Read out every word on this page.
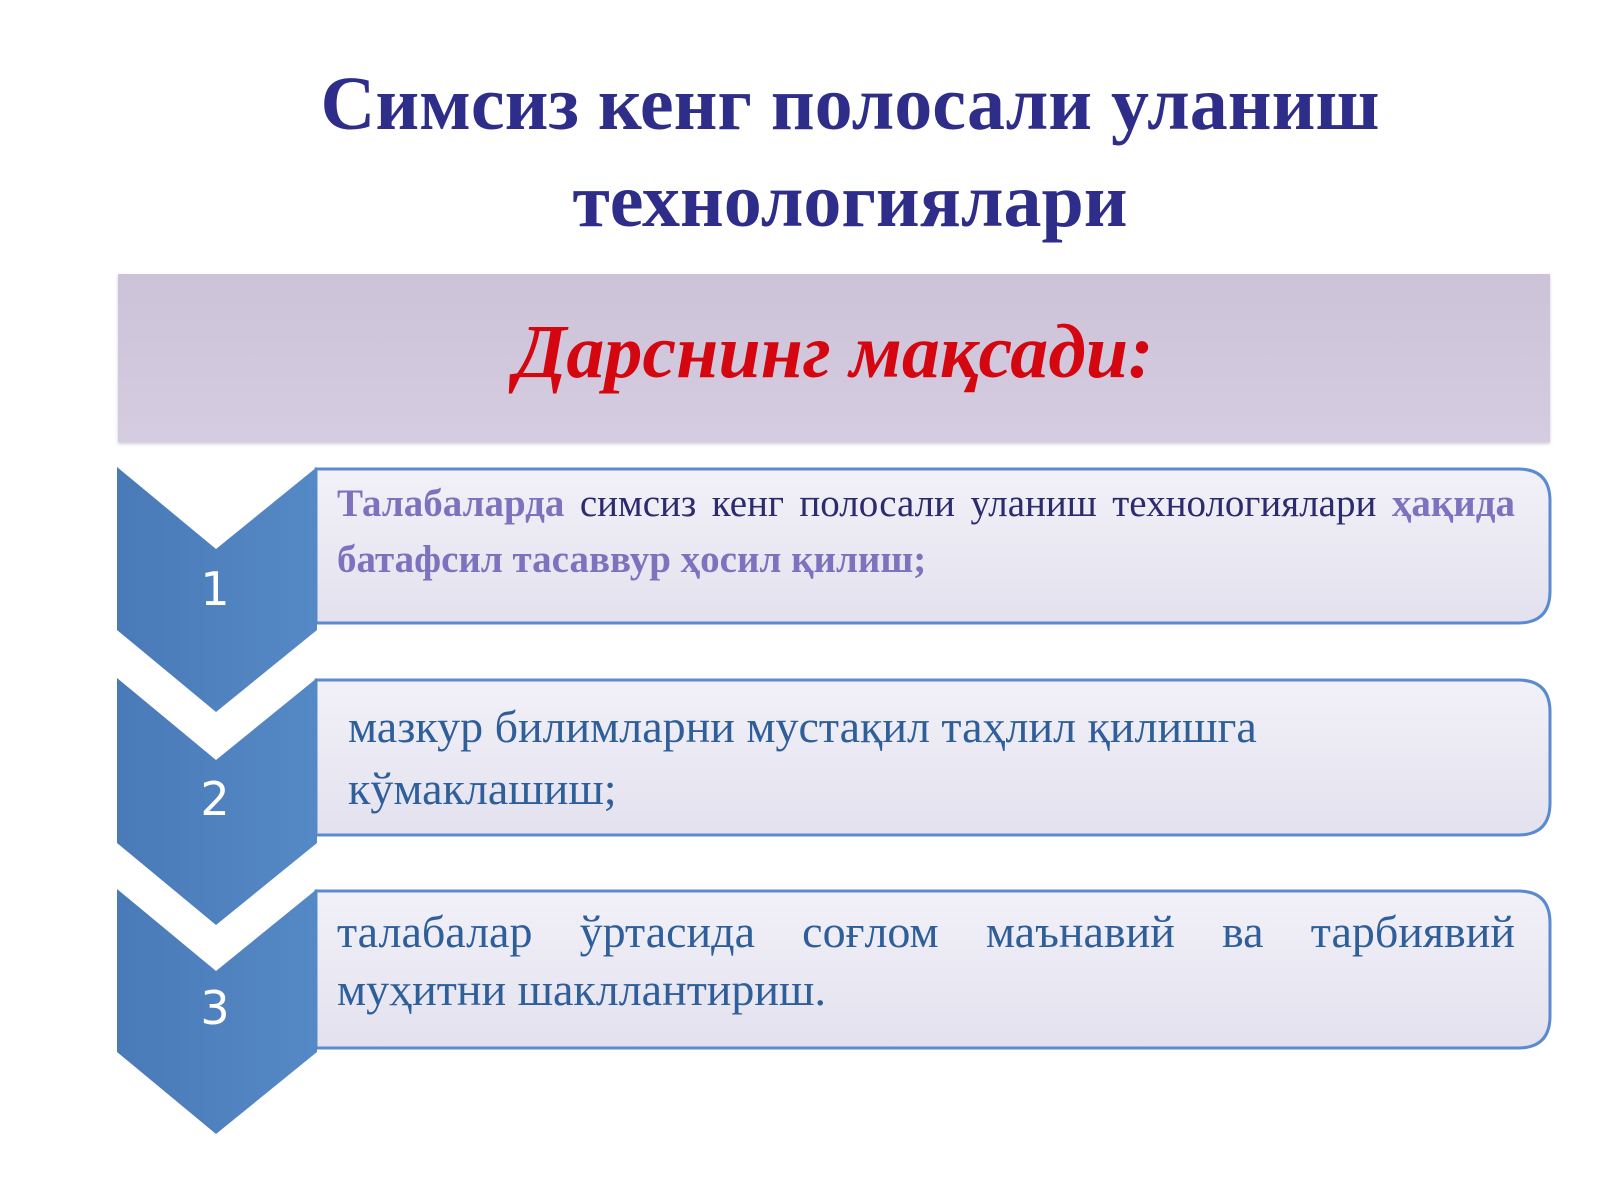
Симсиз кенг полосали уланиш
технологиялари

Дарснинг мақсади:

1
2
3

Талабаларда симсиз кенг полосали уланиш технологиялари ҳақида батафсил тасаввур ҳосил қилиш;

мазкур билимларни мустақил таҳлил қилишга кўмаклашиш;

талабалар ўртасида соғлом маънавий ва тарбиявий муҳитни шакллантириш.
